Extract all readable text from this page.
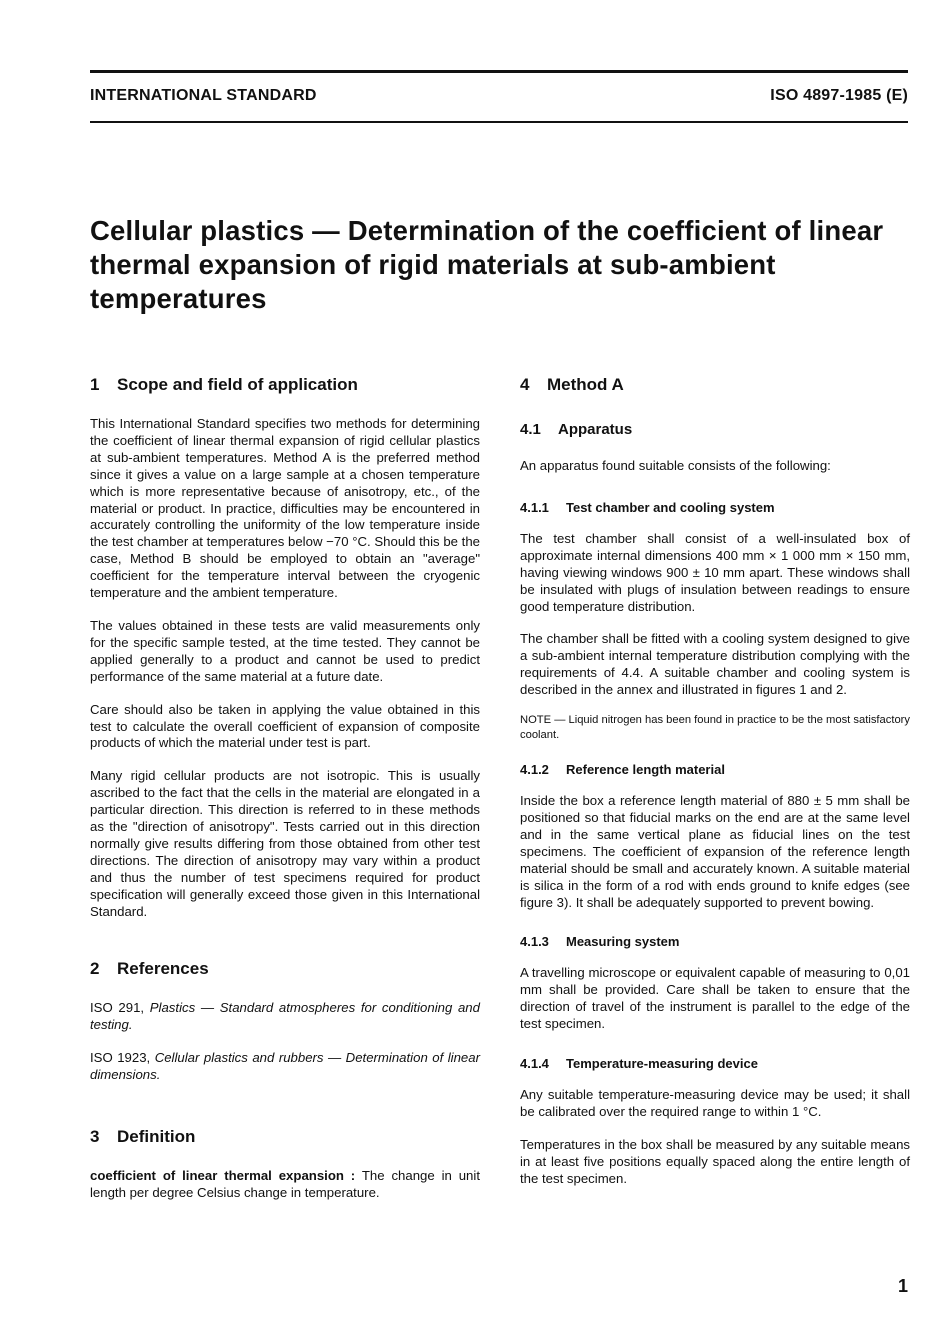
INTERNATIONAL STANDARD	ISO 4897-1985 (E)
Cellular plastics — Determination of the coefficient of linear thermal expansion of rigid materials at sub-ambient temperatures
1 Scope and field of application

This International Standard specifies two methods for determining the coefficient of linear thermal expansion of rigid cellular plastics at sub-ambient temperatures. Method A is the preferred method since it gives a value on a large sample at a chosen temperature which is more representative because of anisotropy, etc., of the material or product. In practice, difficulties may be encountered in accurately controlling the uniformity of the low temperature inside the test chamber at temperatures below −70 °C. Should this be the case, Method B should be employed to obtain an "average" coefficient for the temperature interval between the cryogenic temperature and the ambient temperature.

The values obtained in these tests are valid measurements only for the specific sample tested, at the time tested. They cannot be applied generally to a product and cannot be used to predict performance of the same material at a future date.

Care should also be taken in applying the value obtained in this test to calculate the overall coefficient of expansion of composite products of which the material under test is part.

Many rigid cellular products are not isotropic. This is usually ascribed to the fact that the cells in the material are elongated in a particular direction. This direction is referred to in these methods as the "direction of anisotropy". Tests carried out in this direction normally give results differing from those obtained from other test directions. The direction of anisotropy may vary within a product and thus the number of test specimens required for product specification will generally exceed those given in this International Standard.

2 References

ISO 291, Plastics — Standard atmospheres for conditioning and testing.

ISO 1923, Cellular plastics and rubbers — Determination of linear dimensions.

3 Definition

coefficient of linear thermal expansion : The change in unit length per degree Celsius change in temperature.

4 Method A
4.1 Apparatus

An apparatus found suitable consists of the following:

4.1.1 Test chamber and cooling system

The test chamber shall consist of a well-insulated box of approximate internal dimensions 400 mm × 1 000 mm × 150 mm, having viewing windows 900 ± 10 mm apart. These windows shall be insulated with plugs of insulation between readings to ensure good temperature distribution.

The chamber shall be fitted with a cooling system designed to give a sub-ambient internal temperature distribution complying with the requirements of 4.4. A suitable chamber and cooling system is described in the annex and illustrated in figures 1 and 2.

NOTE — Liquid nitrogen has been found in practice to be the most satisfactory coolant.

4.1.2 Reference length material

Inside the box a reference length material of 880 ± 5 mm shall be positioned so that fiducial marks on the end are at the same level and in the same vertical plane as fiducial lines on the test specimens. The coefficient of expansion of the reference length material should be small and accurately known. A suitable material is silica in the form of a rod with ends ground to knife edges (see figure 3). It shall be adequately supported to prevent bowing.

4.1.3 Measuring system

A travelling microscope or equivalent capable of measuring to 0,01 mm shall be provided. Care shall be taken to ensure that the direction of travel of the instrument is parallel to the edge of the test specimen.

4.1.4 Temperature-measuring device

Any suitable temperature-measuring device may be used; it shall be calibrated over the required range to within 1 °C.

Temperatures in the box shall be measured by any suitable means in at least five positions equally spaced along the entire length of the test specimen.

1
